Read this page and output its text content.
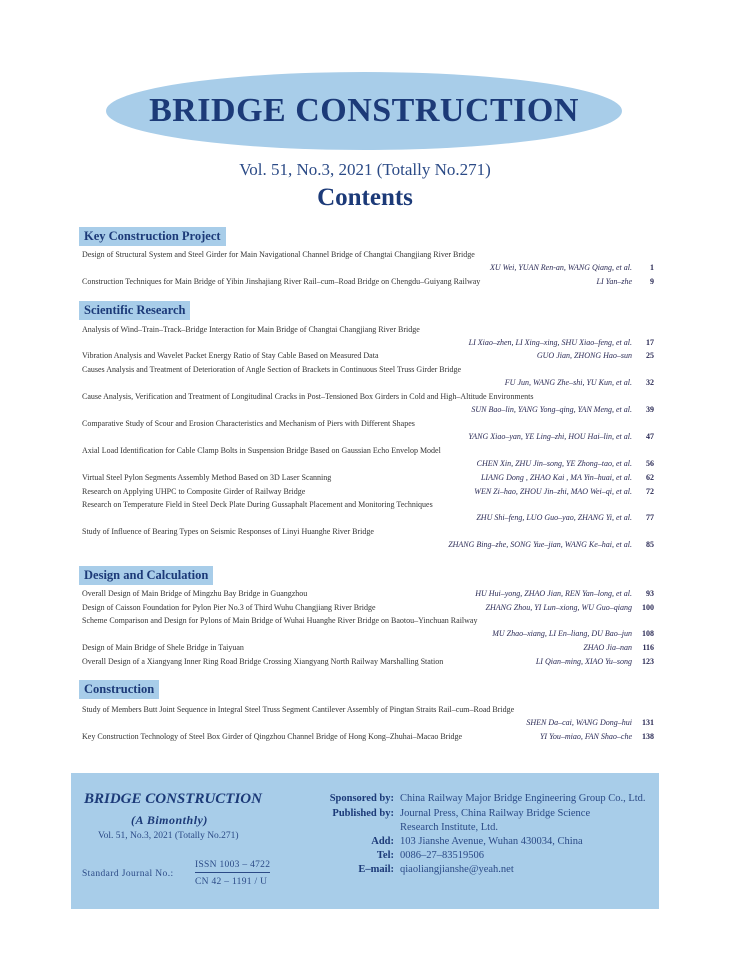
BRIDGE CONSTRUCTION
Vol. 51, No.3, 2021 (Totally No.271)
Contents
Key Construction Project
Design of Structural System and Steel Girder for Main Navigational Channel Bridge of Changtai Changjiang River Bridge
XU Wei, YUAN Ren-an, WANG Qiang, et al.	1
Construction Techniques for Main Bridge of Yibin Jinshajiang River Rail–cum–Road Bridge on Chengdu–Guiyang Railway	LI Yan–zhe	9
Scientific Research
Analysis of Wind–Train–Track–Bridge Interaction for Main Bridge of Changtai Changjiang River Bridge
LI Xiao–zhen, LI Xing–xing, SHU Xiao–feng, et al.	17
Vibration Analysis and Wavelet Packet Energy Ratio of Stay Cable Based on Measured Data	GUO Jian, ZHONG Hao–sun	25
Causes Analysis and Treatment of Deterioration of Angle Section of Brackets in Continuous Steel Truss Girder Bridge
FU Jun, WANG Zhe–shi, YU Kun, et al.	32
Cause Analysis, Verification and Treatment of Longitudinal Cracks in Post–Tensioned Box Girders in Cold and High–Altitude Environments
SUN Bao–lin, YANG Yong–qing, YAN Meng, et al.	39
Comparative Study of Scour and Erosion Characteristics and Mechanism of Piers with Different Shapes
YANG Xiao–yan, YE Ling–zhi, HOU Hai–lin, et al.	47
Axial Load Identification for Cable Clamp Bolts in Suspension Bridge Based on Gaussian Echo Envelop Model
CHEN Xin, ZHU Jin–song, YE Zhong–tao, et al.	56
Virtual Steel Pylon Segments Assembly Method Based on 3D Laser Scanning	LIANG Dong , ZHAO Kai , MA Yin–huai, et al.	62
Research on Applying UHPC to Composite Girder of Railway Bridge	WEN Zi–hao, ZHOU Jin–zhi, MAO Wei–qi, et al.	72
Research on Temperature Field in Steel Deck Plate During Gussaphalt Placement and Monitoring Techniques
ZHU Shi–feng, LUO Guo–yao, ZHANG Yi, et al.	77
Study of Influence of Bearing Types on Seismic Responses of Linyi Huanghe River Bridge
ZHANG Bing–zhe, SONG Yue–jian, WANG Ke–hai, et al.	85
Design and Calculation
Overall Design of Main Bridge of Mingzhu Bay Bridge in Guangzhou	HU Hui–yong, ZHAO Jian, REN Yan–long, et al.	93
Design of Caisson Foundation for Pylon Pier No.3 of Third Wuhu Changjiang River Bridge	ZHANG Zhou, YI Lun–xiong, WU Guo–qiang	100
Scheme Comparison and Design for Pylons of Main Bridge of Wuhai Huanghe River Bridge on Baotou–Yinchuan Railway
MU Zhao–xiang, LI En–liang, DU Bao–jun	108
Design of Main Bridge of Shele Bridge in Taiyuan	ZHAO Jia–nan	116
Overall Design of a Xiangyang Inner Ring Road Bridge Crossing Xiangyang North Railway Marshalling Station	LI Qian–ming, XIAO Yu–song	123
Construction
Study of Members Butt Joint Sequence in Integral Steel Truss Segment Cantilever Assembly of Pingtan Straits Rail–cum–Road Bridge
SHEN Da–cai, WANG Dong–hui	131
Key Construction Technology of Steel Box Girder of Qingzhou Channel Bridge of Hong Kong–Zhuhai–Macao Bridge	YI You–miao, FAN Shao–che	138
BRIDGE CONSTRUCTION
(A Bimonthly)
Vol. 51, No.3, 2021 (Totally No.271)
Standard Journal No.:
ISSN 1003 – 4722
CN 42 – 1191 / U
Sponsored by: China Railway Major Bridge Engineering Group Co., Ltd.
Published by: Journal Press, China Railway Bridge Science
Research Institute, Ltd.
Add: 103 Jianshe Avenue, Wuhan 430034, China
Tel: 0086–27–83519506
E–mail: qiaoliangjianshe@yeah.net
